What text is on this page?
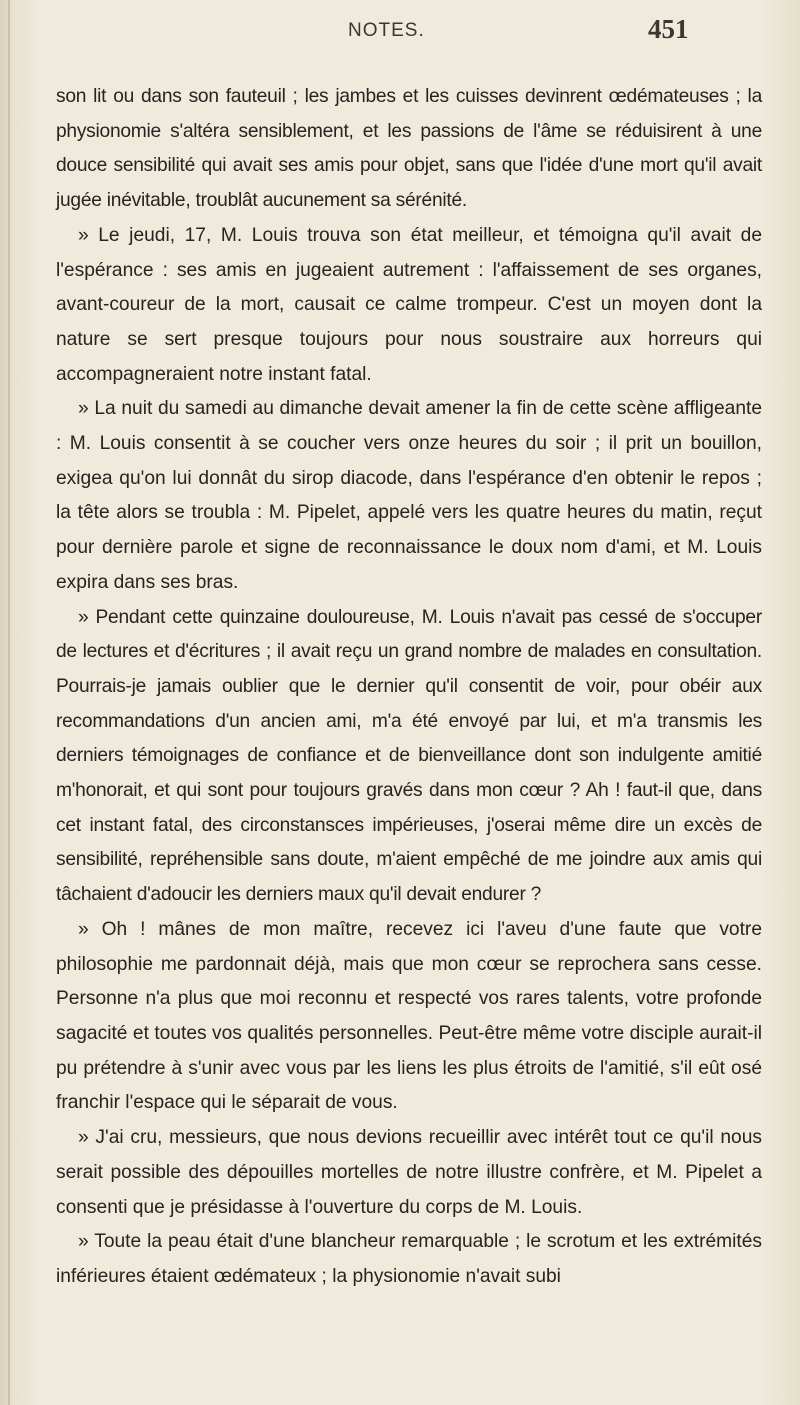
NOTES.	451

son lit ou dans son fauteuil ; les jambes et les cuisses devinrent œdémateuses ; la physionomie s'altéra sensiblement, et les passions de l'âme se réduisirent à une douce sensibilité qui avait ses amis pour objet, sans que l'idée d'une mort qu'il avait jugée inévitable, troublât aucunement sa sérénité.

» Le jeudi, 17, M. Louis trouva son état meilleur, et témoigna qu'il avait de l'espérance : ses amis en jugeaient autrement : l'affaissement de ses organes, avant-coureur de la mort, causait ce calme trompeur. C'est un moyen dont la nature se sert presque toujours pour nous soustraire aux horreurs qui accompagneraient notre instant fatal.

» La nuit du samedi au dimanche devait amener la fin de cette scène affligeante : M. Louis consentit à se coucher vers onze heures du soir ; il prit un bouillon, exigea qu'on lui donnât du sirop diacode, dans l'espérance d'en obtenir le repos ; la tête alors se troubla : M. Pipelet, appelé vers les quatre heures du matin, reçut pour dernière parole et signe de reconnaissance le doux nom d'ami, et M. Louis expira dans ses bras.

» Pendant cette quinzaine douloureuse, M. Louis n'avait pas cessé de s'occuper de lectures et d'écritures ; il avait reçu un grand nombre de malades en consultation. Pourrais-je jamais oublier que le dernier qu'il consentit de voir, pour obéir aux recommandations d'un ancien ami, m'a été envoyé par lui, et m'a transmis les derniers témoignages de confiance et de bienveillance dont son indulgente amitié m'honorait, et qui sont pour toujours gravés dans mon cœur ? Ah ! faut-il que, dans cet instant fatal, des circonstansces impérieuses, j'oserai même dire un excès de sensibilité, repréhensible sans doute, m'aient empêché de me joindre aux amis qui tâchaient d'adoucir les derniers maux qu'il devait endurer ?

» Oh ! mânes de mon maître, recevez ici l'aveu d'une faute que votre philosophie me pardonnait déjà, mais que mon cœur se reprochera sans cesse. Personne n'a plus que moi reconnu et respecté vos rares talents, votre profonde sagacité et toutes vos qualités personnelles. Peut-être même votre disciple aurait-il pu prétendre à s'unir avec vous par les liens les plus étroits de l'amitié, s'il eût osé franchir l'espace qui le séparait de vous.

» J'ai cru, messieurs, que nous devions recueillir avec intérêt tout ce qu'il nous serait possible des dépouilles mortelles de notre illustre confrère, et M. Pipelet a consenti que je présidasse à l'ouverture du corps de M. Louis.

» Toute la peau était d'une blancheur remarquable ; le scrotum et les extrémités inférieures étaient œdémateux ; la physionomie n'avait subi
